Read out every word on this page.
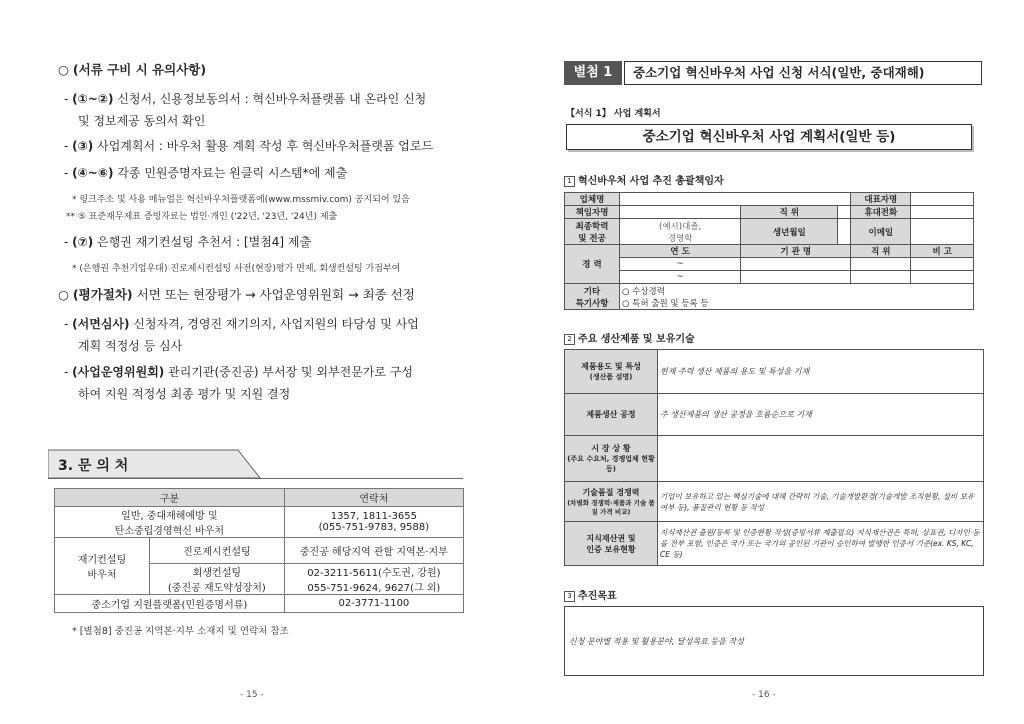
○ (서류 구비 시 유의사항)
- (①~②) 신청서, 신용정보동의서 : 혁신바우처플랫폼 내 온라인 신청
및 정보제공 동의서 확인
- (③) 사업계획서 : 바우처 활용 계획 작성 후 혁신바우처플랫폼 업로드
- (④~⑥) 각종 민원증명자료는 원클릭 시스템*에 제출
* 링크주소 및 사용 매뉴얼은 혁신바우처플랫폼에(www.mssmiv.com) 공지되어 있음
** ⑤ 표준재무제표 증빙자료는 법인·개인 ('22년, '23년, '24년) 제출
- (⑦) 은행권 재기컨설팅 추천서 : [별첨4] 제출
* (은행권 추천기업우대) 진로제시컨설팅 사전(현장)평가 면제, 회생컨설팅 가점부여
○ (평가절차) 서면 또는 현장평가 → 사업운영위원회 → 최종 선정
- (서면심사) 신청자격, 경영진 재기의지, 사업지원의 타당성 및 사업
계획 적정성 등 심사
- (사업운영위원회) 관리기관(중진공) 부서장 및 외부전문가로 구성
하여 지원 적정성 최종 평가 및 지원 결정
3. 문 의 처
구분		연락처
일반, 중대재해예방 및
탄소중립경영혁신 바우처		1357, 1811-3655
(055-751-9783, 9588)
재기컨설팅
바우처	진로제시컨설팅	중진공 해당지역 관할 지역본·지부
	회생컨설팅
(중진공 재도약성장처)	02-3211-5611(수도권, 강원)
055-751-9624, 9627(그 외)
중소기업 지원플랫폼(민원증명서류)		02-3771-1100
* [별첨8] 중진공 지역본·지부 소재지 및 연락처 참조
- 15 -
별첨 1	중소기업 혁신바우처 사업 신청 서식(일반, 중대재해)
【서식 1】 사업 계획서
중소기업 혁신바우처 사업 계획서(일반 등)
1 혁신바우처 사업 추진 총괄책임자
업체명				대표자명	
책임자명		직 위		휴대전화	
최종학력
및 전공	(예시)대졸,
경영학	생년월일		이메일	
경 력	연 도	기 관 명		직 위	비 고
	~				
	~				
기타
특기사항	○ 수상경력
○ 특허 출원 및 등록 등				
2 주요 생산제품 및 보유기술
제품용도 및 특성
(생산품 설명)	현재 주력 생산 제품의 용도 및 특성을 기재
제품생산 공정	주 생산제품의 생산 공정을 흐름순으로 기재
시 장 상 황
(주요 수요처, 경쟁업체 현황 등)	
기술품질 경쟁력
(차별화 경쟁력·제품과 기술 품질 가격 비교)	기업이 보유하고 있는 핵심기술에 대해 간략히 기술, 기술개발환경(기술개발 조직현황, 설비 보유 여부 등), 품질관리 현황 등 작성
지식재산권 및
인증 보유현황	지식재산권 출원/등록 및 인증현황 작성(증빙서류 제출필요) 지식재산권은 특허, 상표권, 디자인 등을 전부 포함, 인증은 국가 또는 국가의 공인된 기관이 승인하여 발행한 인증서 기준(ex. KS, KC, CE 등)
3 추진목표
신청 분야별 적용 및 활용분야, 달성목표 등을 작성
- 16 -
